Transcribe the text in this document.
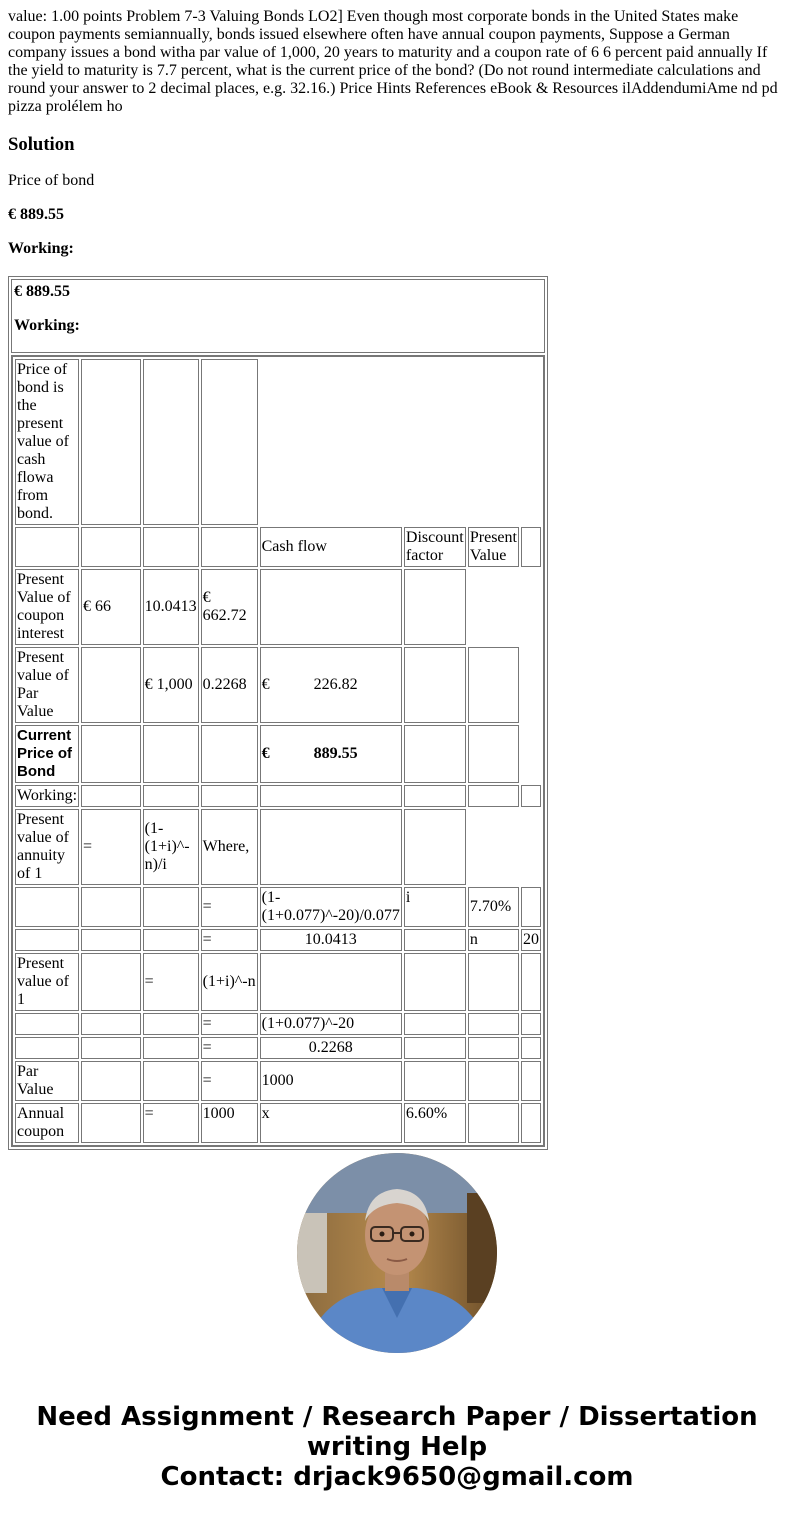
value: 1.00 points Problem 7-3 Valuing Bonds LO2] Even though most corporate bonds in the United States make coupon payments semiannually, bonds issued elsewhere often have annual coupon payments, Suppose a German company issues a bond witha par value of 1,000, 20 years to maturity and a coupon rate of 6 6 percent paid annually If the yield to maturity is 7.7 percent, what is the current price of the bond? (Do not round intermediate calculations and round your answer to 2 decimal places, e.g. 32.16.) Price Hints References eBook & Resources ilAddendumiAme nd pd pizza prolélem ho
Solution
Price of bond
€ 889.55
Working:

€ 889.55

Working:

Price of bond is the present value of cash flowa from bond.				
				Cash flow	Discount factor	Present Value	
Present Value of coupon interest	€ 66	10.0413	€ 662.72			
Present value of Par Value		€ 1,000	0.2268	€	226.82			
Current Price of Bond				€	889.55			
Working:							
Present value of annuity of 1	=	(1-(1+i)^-n)/i	Where,			
			=	(1-(1+0.077)^-20)/0.077	i	7.70%	
			=	10.0413		n	20
Present value of 1		=	(1+i)^-n				
			=	(1+0.077)^-20			
			=	0.2268			
Par Value			=	1000			
Annual coupon		=	1000	x	6.60%		
Need Assignment / Research Paper / Dissertation
writing Help
Contact: drjack9650@gmail.com
